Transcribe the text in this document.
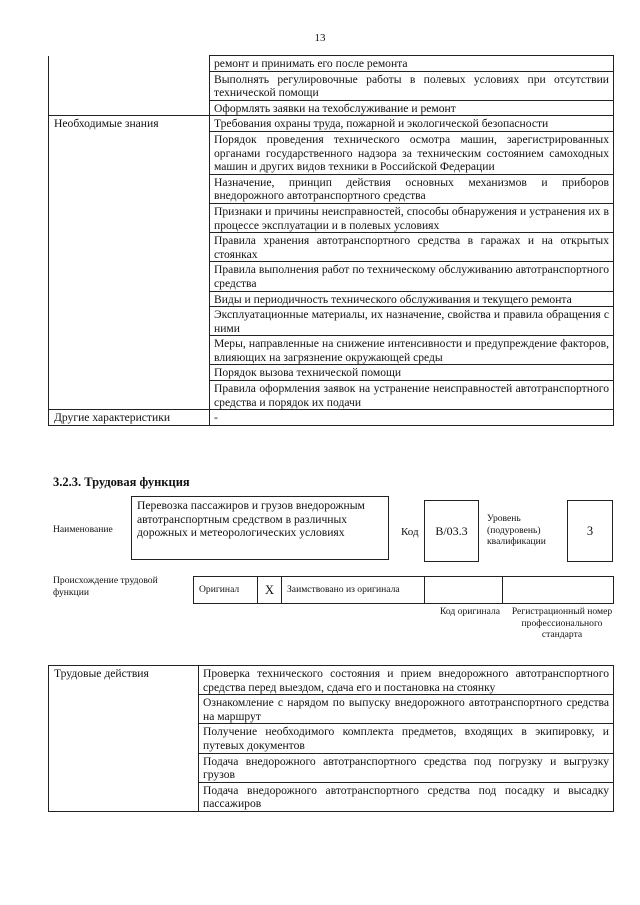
13
	ремонт и принимать его после ремонта
	Выполнять регулировочные работы в полевых условиях при отсутствии технической помощи
	Оформлять заявки на техобслуживание и ремонт
Необходимые знания	Требования охраны труда, пожарной и экологической безопасности
	Порядок проведения технического осмотра машин, зарегистрированных органами государственного надзора за техническим состоянием самоходных машин и других видов техники в Российской Федерации
	Назначение, принцип действия основных механизмов и приборов внедорожного автотранспортного средства
	Признаки и причины неисправностей, способы обнаружения и устранения их в процессе эксплуатации и в полевых условиях
	Правила хранения автотранспортного средства в гаражах и на открытых стоянках
	Правила выполнения работ по техническому обслуживанию автотранспортного средства
	Виды и периодичность технического обслуживания и текущего ремонта
	Эксплуатационные материалы, их назначение, свойства и правила обращения с ними
	Меры, направленные на снижение интенсивности и предупреждение факторов, влияющих на загрязнение окружающей среды
	Порядок вызова технической помощи
	Правила оформления заявок на устранение неисправностей автотранспортного средства и порядок их подачи
Другие характеристики	-
3.2.3. Трудовая функция
Наименование
Перевозка пассажиров и грузов внедорожным автотранспортным средством в различных дорожных и метеорологических условиях	Код B/03.3
Уровень (подуровень) квалификации
3
Происхождение трудовой функции	Оригинал X Заимствовано из оригинала
Код оригинала	Регистрационный номер профессионального стандарта
Трудовые действия	Проверка технического состояния и прием внедорожного автотранспортного средства перед выездом, сдача его и постановка на стоянку
	Ознакомление с нарядом по выпуску внедорожного автотранспортного средства на маршрут
	Получение необходимого комплекта предметов, входящих в экипировку, и путевых документов
	Подача внедорожного автотранспортного средства под погрузку и выгрузку грузов
	Подача внедорожного автотранспортного средства под посадку и высадку пассажиров
